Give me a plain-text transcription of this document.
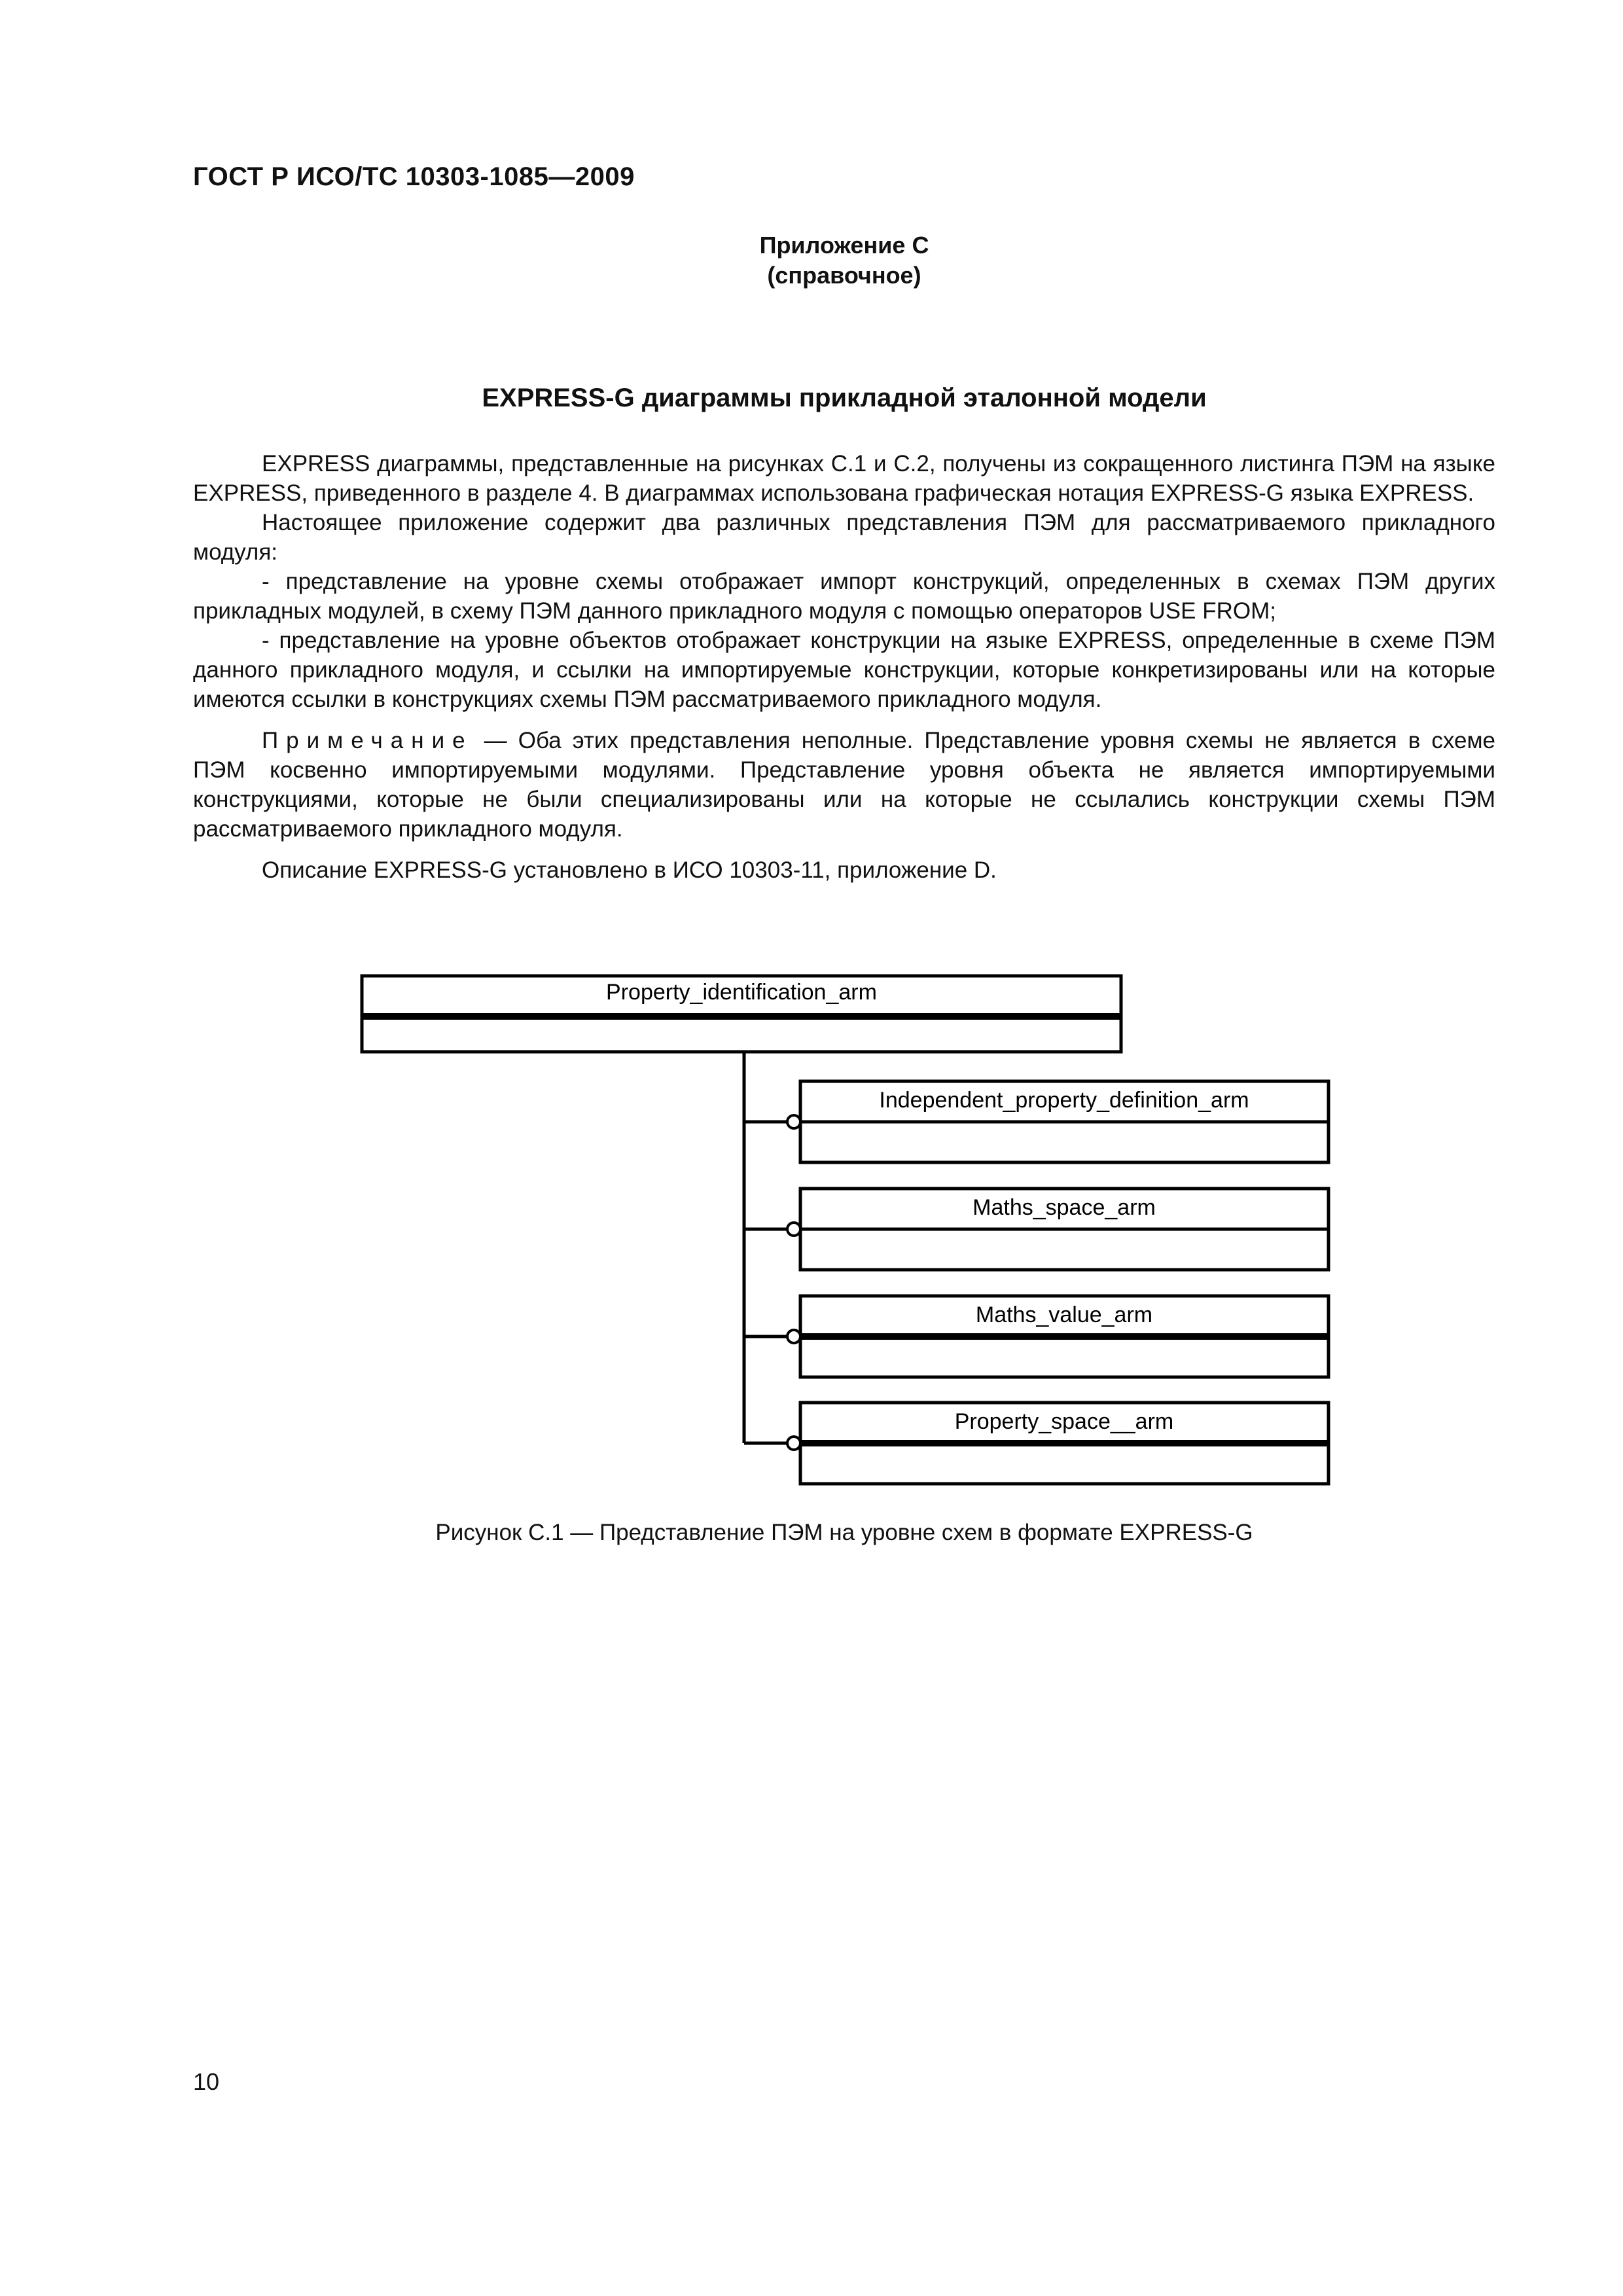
ГОСТ Р ИСО/ТС 10303-1085—2009
Приложение С
(справочное)
EXPRESS-G диаграммы прикладной эталонной модели

EXPRESS диаграммы, представленные на рисунках С.1 и С.2, получены из сокращенного листинга ПЭМ на языке EXPRESS, приведенного в разделе 4. В диаграммах использована графическая нотация EXPRESS-G языка EXPRESS.

Настоящее приложение содержит два различных представления ПЭМ для рассматриваемого прикладного модуля:

- представление на уровне схемы отображает импорт конструкций, определенных в схемах ПЭМ других прикладных модулей, в схему ПЭМ данного прикладного модуля с помощью операторов USE FROM;

- представление на уровне объектов отображает конструкции на языке EXPRESS, определенные в схеме ПЭМ данного прикладного модуля, и ссылки на импортируемые конструкции, которые конкретизированы или на которые имеются ссылки в конструкциях схемы ПЭМ рассматриваемого прикладного модуля.

Примечание — Оба этих представления неполные. Представление уровня схемы не является в схеме ПЭМ косвенно импортируемыми модулями. Представление уровня объекта не является импортируемыми конструкциями, которые не были специализированы или на которые не ссылались конструкции схемы ПЭМ рассматриваемого прикладного модуля.

Описание EXPRESS-G установлено в ИСО 10303-11, приложение D.

Property_identification_arm
Independent_property_definition_arm
Maths_space_arm
Maths_value_arm
Property_space__arm
Рисунок С.1 — Представление ПЭМ на уровне схем в формате EXPRESS-G
10
